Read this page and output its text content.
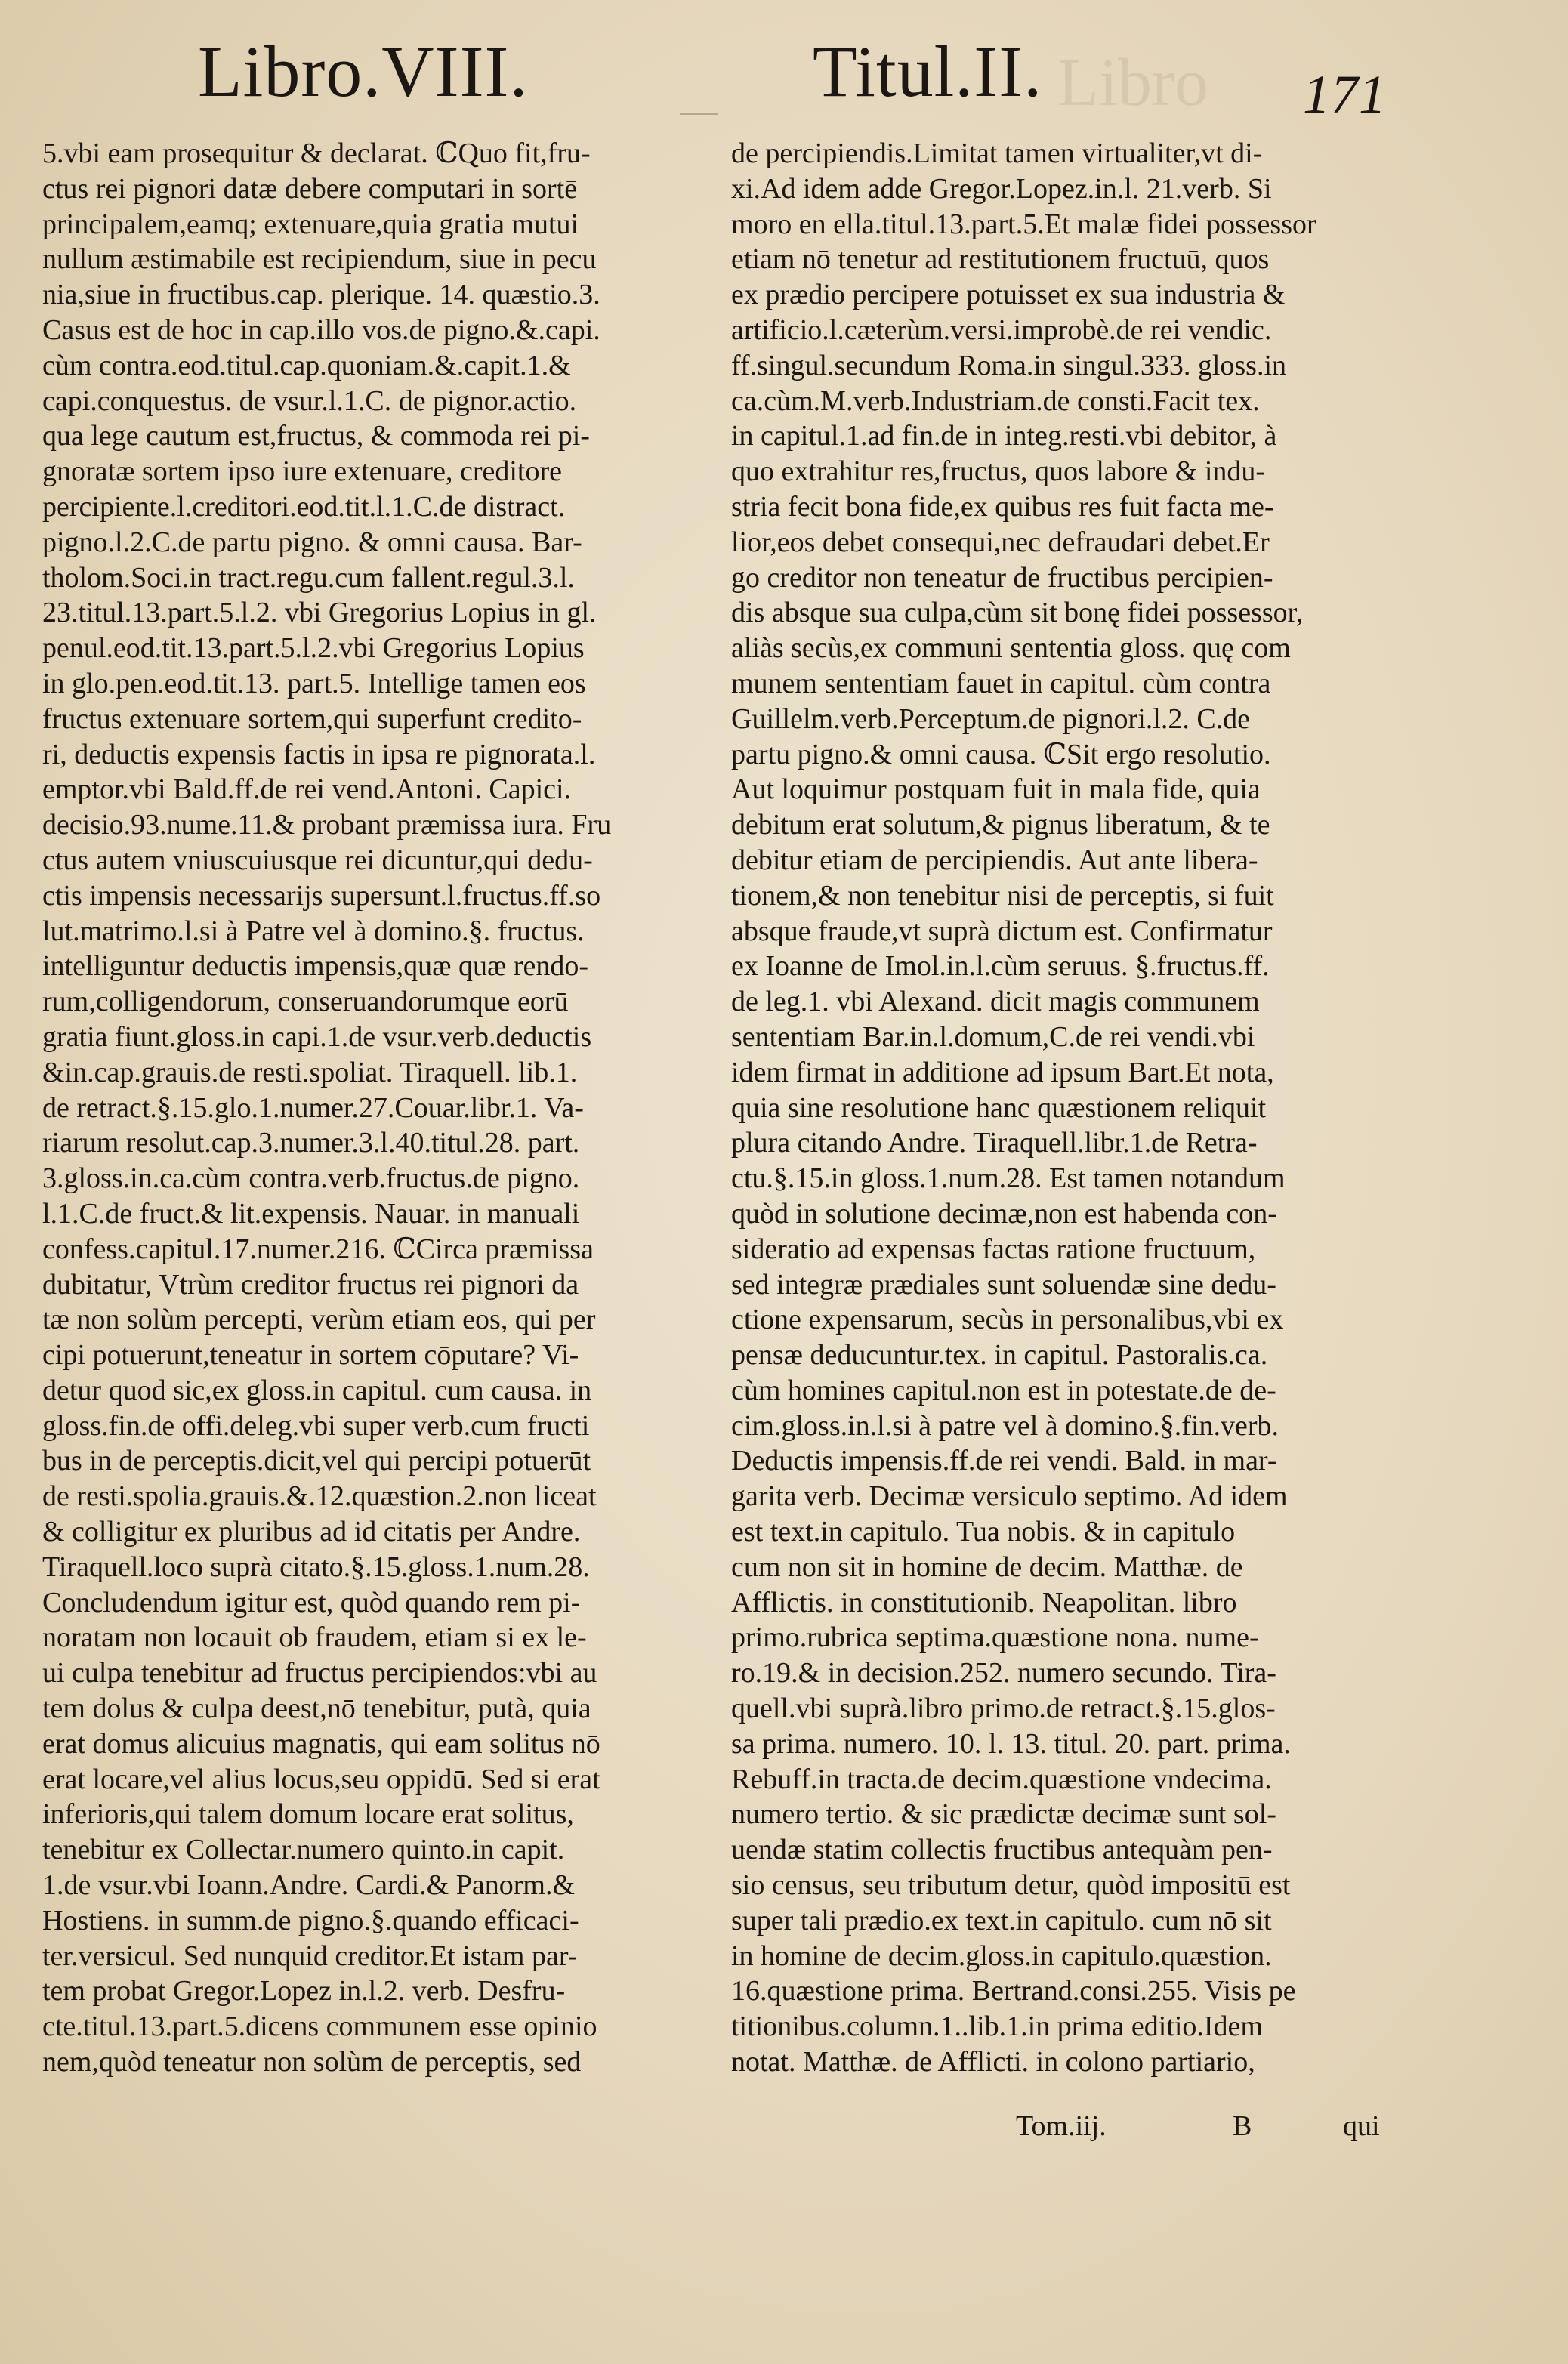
Libro
Libro.VIII.	Titul.II.	171
5.vbi eam prosequitur & declarat. ℂQuo fit,fru-
ctus rei pignori datæ debere computari in sortē
principalem,eamq; extenuare,quia gratia mutui
nullum æstimabile est recipiendum, siue in pecu
nia,siue in fructibus.cap. plerique. 14. quæstio.3.
Casus est de hoc in cap.illo vos.de pigno.&.capi.
cùm contra.eod.titul.cap.quoniam.&.capit.1.&
capi.conquestus. de vsur.l.1.C. de pignor.actio.
qua lege cautum est,fructus, & commoda rei pi-
gnoratæ sortem ipso iure extenuare, creditore
percipiente.l.creditori.eod.tit.l.1.C.de distract.
pigno.l.2.C.de partu pigno. & omni causa. Bar-
tholom.Soci.in tract.regu.cum fallent.regul.3.l.
23.titul.13.part.5.l.2. vbi Gregorius Lopius in gl.
penul.eod.tit.13.part.5.l.2.vbi Gregorius Lopius
in glo.pen.eod.tit.13. part.5. Intellige tamen eos
fructus extenuare sortem,qui superfunt credito-
ri, deductis expensis factis in ipsa re pignorata.l.
emptor.vbi Bald.ff.de rei vend.Antoni. Capici.
decisio.93.nume.11.& probant præmissa iura. Fru
ctus autem vniuscuiusque rei dicuntur,qui dedu-
ctis impensis necessarijs supersunt.l.fructus.ff.so
lut.matrimo.l.si à Patre vel à domino.§. fructus.
intelliguntur deductis impensis,quæ quæ rendo-
rum,colligendorum, conseruandorumque eorū
gratia fiunt.gloss.in capi.1.de vsur.verb.deductis
&in.cap.grauis.de resti.spoliat. Tiraquell. lib.1.
de retract.§.15.glo.1.numer.27.Couar.libr.1. Va-
riarum resolut.cap.3.numer.3.l.40.titul.28. part.
3.gloss.in.ca.cùm contra.verb.fructus.de pigno.
l.1.C.de fruct.& lit.expensis. Nauar. in manuali
confess.capitul.17.numer.216. ℂCirca præmissa
dubitatur, Vtrùm creditor fructus rei pignori da
tæ non solùm percepti, verùm etiam eos, qui per
cipi potuerunt,teneatur in sortem cōputare? Vi-
detur quod sic,ex gloss.in capitul. cum causa. in
gloss.fin.de offi.deleg.vbi super verb.cum fructi
bus in de perceptis.dicit,vel qui percipi potuerūt
de resti.spolia.grauis.&.12.quæstion.2.non liceat
& colligitur ex pluribus ad id citatis per Andre.
Tiraquell.loco suprà citato.§.15.gloss.1.num.28.
Concludendum igitur est, quòd quando rem pi-
noratam non locauit ob fraudem, etiam si ex le-
ui culpa tenebitur ad fructus percipiendos:vbi au
tem dolus & culpa deest,nō tenebitur, putà, quia
erat domus alicuius magnatis, qui eam solitus nō
erat locare,vel alius locus,seu oppidū. Sed si erat
inferioris,qui talem domum locare erat solitus,
tenebitur ex Collectar.numero quinto.in capit.
1.de vsur.vbi Ioann.Andre. Cardi.& Panorm.&
Hostiens. in summ.de pigno.§.quando efficaci-
ter.versicul. Sed nunquid creditor.Et istam par-
tem probat Gregor.Lopez in.l.2. verb. Desfru-
cte.titul.13.part.5.dicens communem esse opinio
nem,quòd teneatur non solùm de perceptis, sed
de percipiendis.Limitat tamen virtualiter,vt di-
xi.Ad idem adde Gregor.Lopez.in.l. 21.verb. Si
moro en ella.titul.13.part.5.Et malæ fidei possessor
etiam nō tenetur ad restitutionem fructuū, quos
ex prædio percipere potuisset ex sua industria &
artificio.l.cæterùm.versi.improbè.de rei vendic.
ff.singul.secundum Roma.in singul.333. gloss.in
ca.cùm.M.verb.Industriam.de consti.Facit tex.
in capitul.1.ad fin.de in integ.resti.vbi debitor, à
quo extrahitur res,fructus, quos labore & indu-
stria fecit bona fide,ex quibus res fuit facta me-
lior,eos debet consequi,nec defraudari debet.Er
go creditor non teneatur de fructibus percipien-
dis absque sua culpa,cùm sit bonę fidei possessor,
aliàs secùs,ex communi sententia gloss. quę com
munem sententiam fauet in capitul. cùm contra
Guillelm.verb.Perceptum.de pignori.l.2. C.de
partu pigno.& omni causa. ℂSit ergo resolutio.
Aut loquimur postquam fuit in mala fide, quia
debitum erat solutum,& pignus liberatum, & te
debitur etiam de percipiendis. Aut ante libera-
tionem,& non tenebitur nisi de perceptis, si fuit
absque fraude,vt suprà dictum est. Confirmatur
ex Ioanne de Imol.in.l.cùm seruus. §.fructus.ff.
de leg.1. vbi Alexand. dicit magis communem
sententiam Bar.in.l.domum,C.de rei vendi.vbi
idem firmat in additione ad ipsum Bart.Et nota,
quia sine resolutione hanc quæstionem reliquit
plura citando Andre. Tiraquell.libr.1.de Retra-
ctu.§.15.in gloss.1.num.28. Est tamen notandum
quòd in solutione decimæ,non est habenda con-
sideratio ad expensas factas ratione fructuum,
sed integræ prædiales sunt soluendæ sine dedu-
ctione expensarum, secùs in personalibus,vbi ex
pensæ deducuntur.tex. in capitul. Pastoralis.ca.
cùm homines capitul.non est in potestate.de de-
cim.gloss.in.l.si à patre vel à domino.§.fin.verb.
Deductis impensis.ff.de rei vendi. Bald. in mar-
garita verb. Decimæ versiculo septimo. Ad idem
est text.in capitulo. Tua nobis. & in capitulo
cum non sit in homine de decim. Matthæ. de
Afflictis. in constitutionib. Neapolitan. libro
primo.rubrica septima.quæstione nona. nume-
ro.19.& in decision.252. numero secundo. Tira-
quell.vbi suprà.libro primo.de retract.§.15.glos-
sa prima. numero. 10. l. 13. titul. 20. part. prima.
Rebuff.in tracta.de decim.quæstione vndecima.
numero tertio. & sic prædictæ decimæ sunt sol-
uendæ statim collectis fructibus antequàm pen-
sio census, seu tributum detur, quòd impositū est
super tali prædio.ex text.in capitulo. cum nō sit
in homine de decim.gloss.in capitulo.quæstion.
16.quæstione prima. Bertrand.consi.255. Visis pe
titionibus.column.1..lib.1.in prima editio.Idem
notat. Matthæ. de Afflicti. in colono partiario,
Tom.iij.	B	qui
